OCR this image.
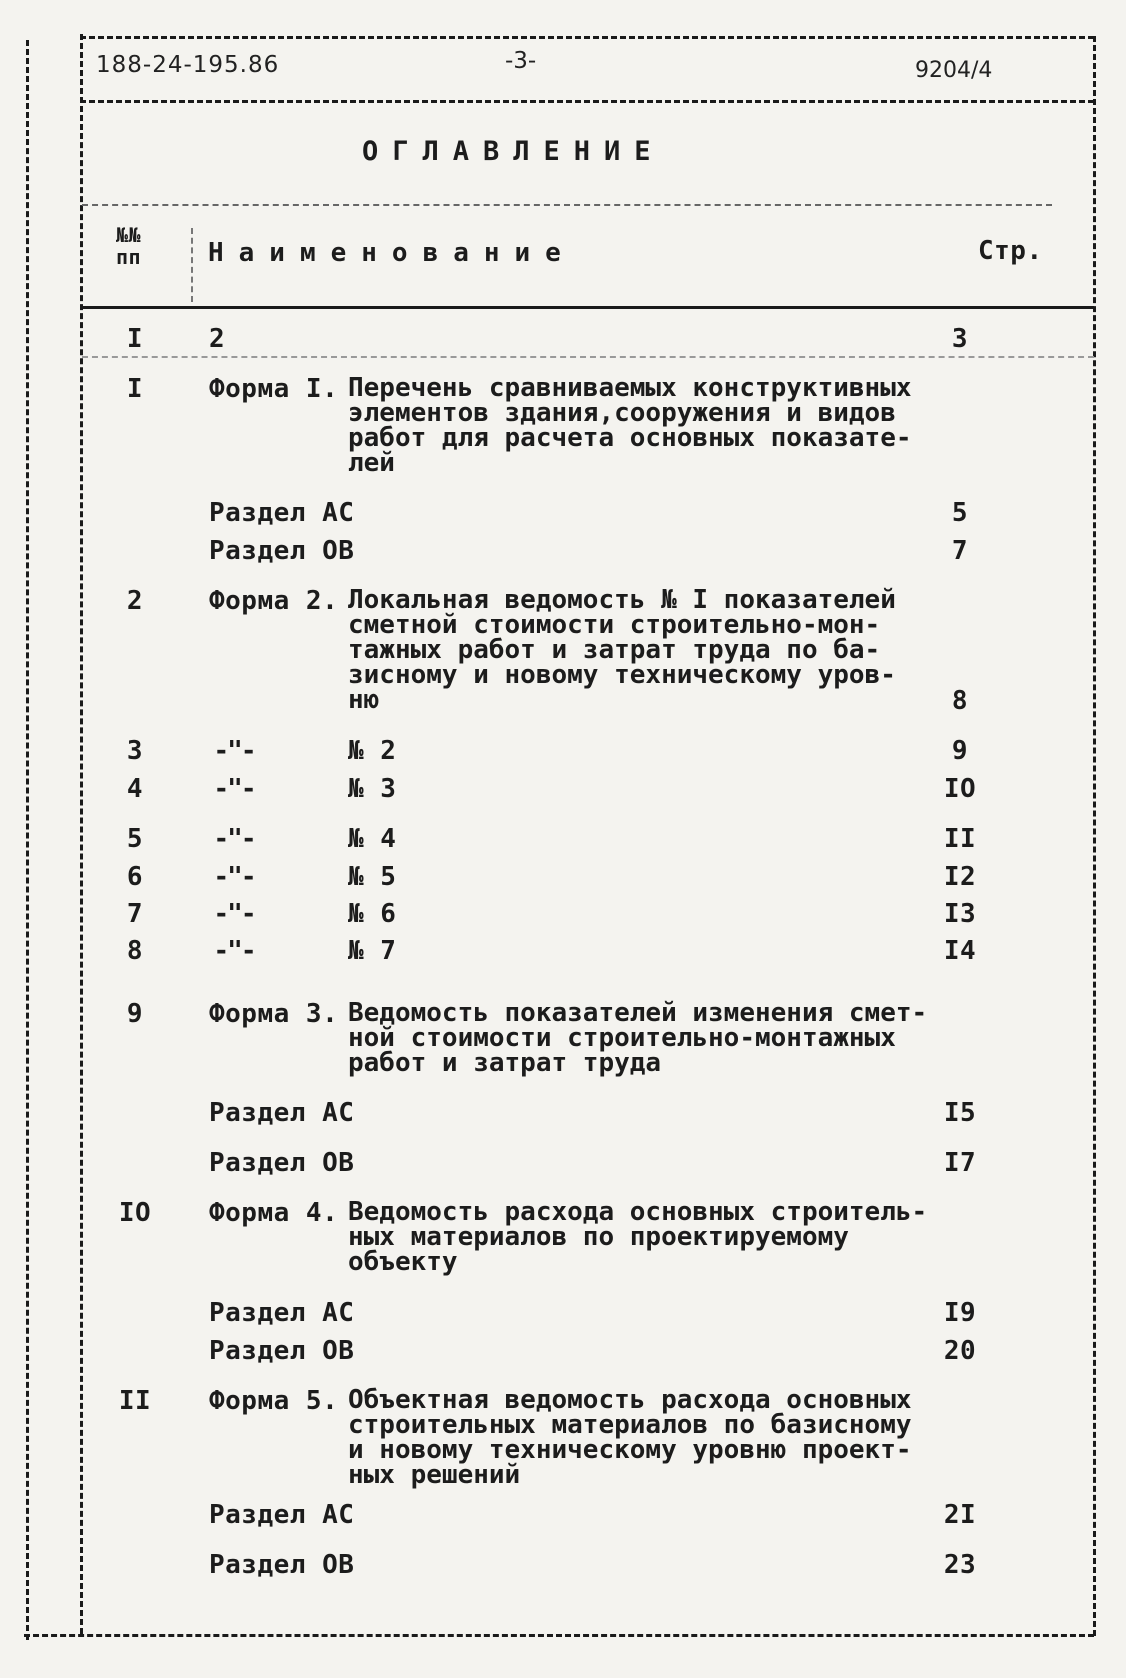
188-24-195.86	-3-	9204/4
ОГЛАВЛЕНИЕ
№№
пп	Наименование	Стр.
I	2	3
I	Форма I. Перечень сравниваемых конструктивных
элементов здания,сооружения и видов
работ для расчета основных показате-
лей
Раздел АС	5
Раздел ОВ	7
2	Форма 2. Локальная ведомость № I показателей
сметной стоимости строительно-мон-
тажных работ и затрат труда по ба-
зисному и новому техническому уров-
ню	8
3	-"-	№ 2	9
4	-"-	№ 3	IO
5	-"-	№ 4	II
6	-"-	№ 5	I2
7	-"-	№ 6	I3
8	-"-	№ 7	I4
9	Форма 3. Ведомость показателей изменения смет-
ной стоимости строительно-монтажных
работ и затрат труда
Раздел АС	I5
Раздел ОВ	I7
IO Форма 4. Ведомость расхода основных строитель-
ных материалов по проектируемому
объекту
Раздел АС	I9
Раздел ОВ	20
II Форма 5. Объектная ведомость расхода основных
строительных материалов по базисному
и новому техническому уровню проект-
ных решений
Раздел АС	2I
Раздел ОВ	23
